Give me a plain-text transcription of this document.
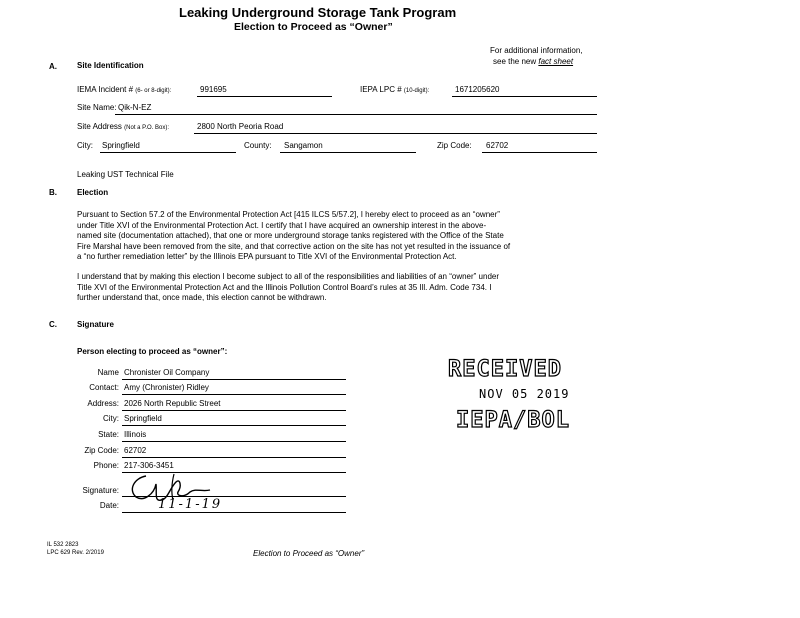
Leaking Underground Storage Tank Program
Election to Proceed as “Owner”
For additional information,
see the new fact sheet
A.	Site Identification
IEMA Incident # (6- or 8-digit):	991695	IEPA LPC # (10-digit):	1671205620
Site Name: Qik-N-EZ
Site Address (Not a P.O. Box):	2800 North Peoria Road
City: Springfield	County: Sangamon	Zip Code: 62702
Leaking UST Technical File
B.	Election
Pursuant to Section 57.2 of the Environmental Protection Act [415 ILCS 5/57.2], I hereby elect to proceed as an “owner”
under Title XVI of the Environmental Protection Act. I certify that I have acquired an ownership interest in the above-
named site (documentation attached), that one or more underground storage tanks registered with the Office of the State
Fire Marshal have been removed from the site, and that corrective action on the site has not yet resulted in the issuance of
a “no further remediation letter” by the Illinois EPA pursuant to Title XVI of the Environmental Protection Act.
I understand that by making this election I become subject to all of the responsibilities and liabilities of an “owner” under
Title XVI of the Environmental Protection Act and the Illinois Pollution Control Board’s rules at 35 Ill. Adm. Code 734. I
further understand that, once made, this election cannot be withdrawn.
C.	Signature
Person electing to proceed as “owner”:
Name Chronister Oil Company
Contact: Amy (Chronister) Ridley
Address: 2026 North Republic Street
City: Springfield
State: Illinois
Zip Code: 62702
Phone: 217-306-3451
Signature:
Date:	11-1-19
RECEIVED
NOV 05 2019
IEPA/BOL
IL 532 2823
LPC 629 Rev. 2/2019	Election to Proceed as “Owner”
